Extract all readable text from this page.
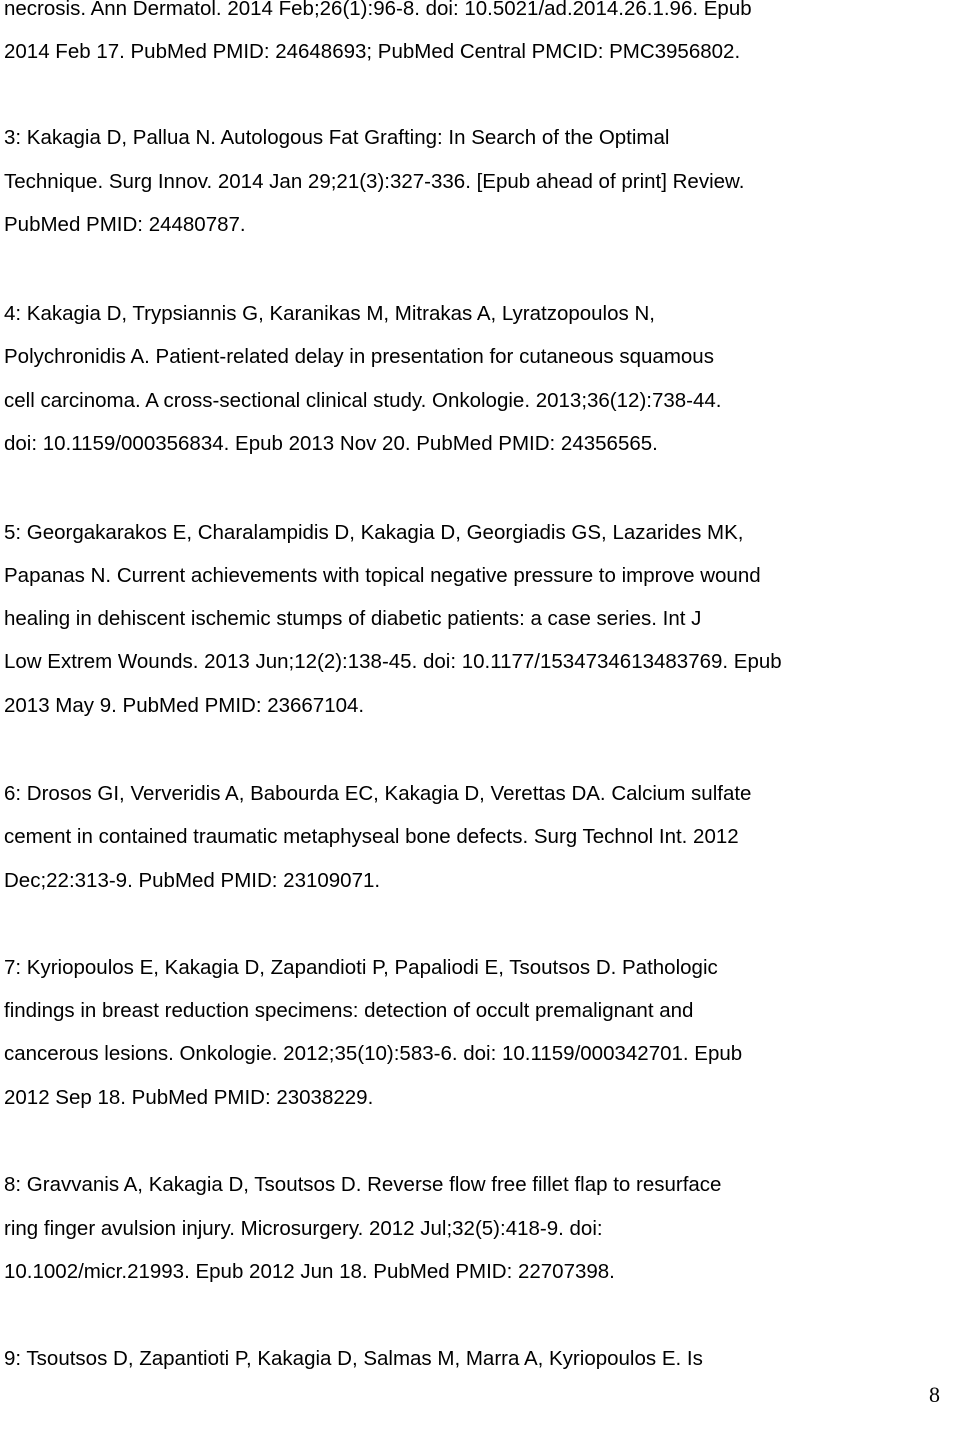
necrosis. Ann Dermatol. 2014 Feb;26(1):96-8. doi: 10.5021/ad.2014.26.1.96. Epub
2014 Feb 17. PubMed PMID: 24648693; PubMed Central PMCID: PMC3956802.
3: Kakagia D, Pallua N. Autologous Fat Grafting: In Search of the Optimal
Technique. Surg Innov. 2014 Jan 29;21(3):327-336. [Epub ahead of print] Review.
PubMed PMID: 24480787.
4: Kakagia D, Trypsiannis G, Karanikas M, Mitrakas A, Lyratzopoulos N,
Polychronidis A. Patient-related delay in presentation for cutaneous squamous
cell carcinoma. A cross-sectional clinical study. Onkologie. 2013;36(12):738-44.
doi: 10.1159/000356834. Epub 2013 Nov 20. PubMed PMID: 24356565.
5: Georgakarakos E, Charalampidis D, Kakagia D, Georgiadis GS, Lazarides MK,
Papanas N. Current achievements with topical negative pressure to improve wound
healing in dehiscent ischemic stumps of diabetic patients: a case series. Int J
Low Extrem Wounds. 2013 Jun;12(2):138-45. doi: 10.1177/1534734613483769. Epub
2013 May 9. PubMed PMID: 23667104.
6: Drosos GI, Ververidis A, Babourda EC, Kakagia D, Verettas DA. Calcium sulfate
cement in contained traumatic metaphyseal bone defects. Surg Technol Int. 2012
Dec;22:313-9. PubMed PMID: 23109071.
7: Kyriopoulos E, Kakagia D, Zapandioti P, Papaliodi E, Tsoutsos D. Pathologic
findings in breast reduction specimens: detection of occult premalignant and
cancerous lesions. Onkologie. 2012;35(10):583-6. doi: 10.1159/000342701. Epub
2012 Sep 18. PubMed PMID: 23038229.
8: Gravvanis A, Kakagia D, Tsoutsos D. Reverse flow free fillet flap to resurface
ring finger avulsion injury. Microsurgery. 2012 Jul;32(5):418-9. doi:
10.1002/micr.21993. Epub 2012 Jun 18. PubMed PMID: 22707398.
9: Tsoutsos D, Zapantioti P, Kakagia D, Salmas M, Marra A, Kyriopoulos E. Is
8
